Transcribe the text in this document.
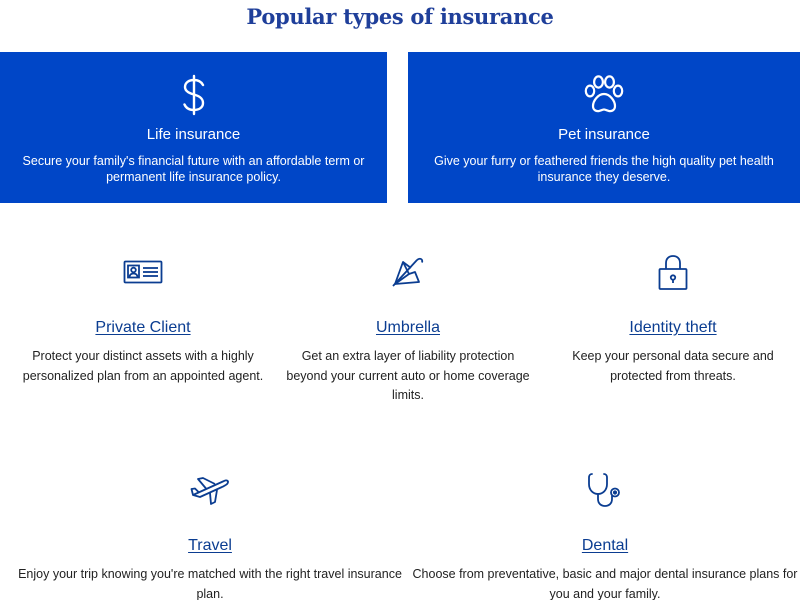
Popular types of insurance
Life insurance
Secure your family's financial future with an affordable term or permanent life insurance policy.
Pet insurance
Give your furry or feathered friends the high quality pet health insurance they deserve.
Private Client

Protect your distinct assets with a highly personalized plan from an appointed agent.

Umbrella

Get an extra layer of liability protection beyond your current auto or home coverage limits.

Identity theft

Keep your personal data secure and protected from threats.

Travel

Enjoy your trip knowing you're matched with the right travel insurance plan.

Dental

Choose from preventative, basic and major dental insurance plans for you and your family.
